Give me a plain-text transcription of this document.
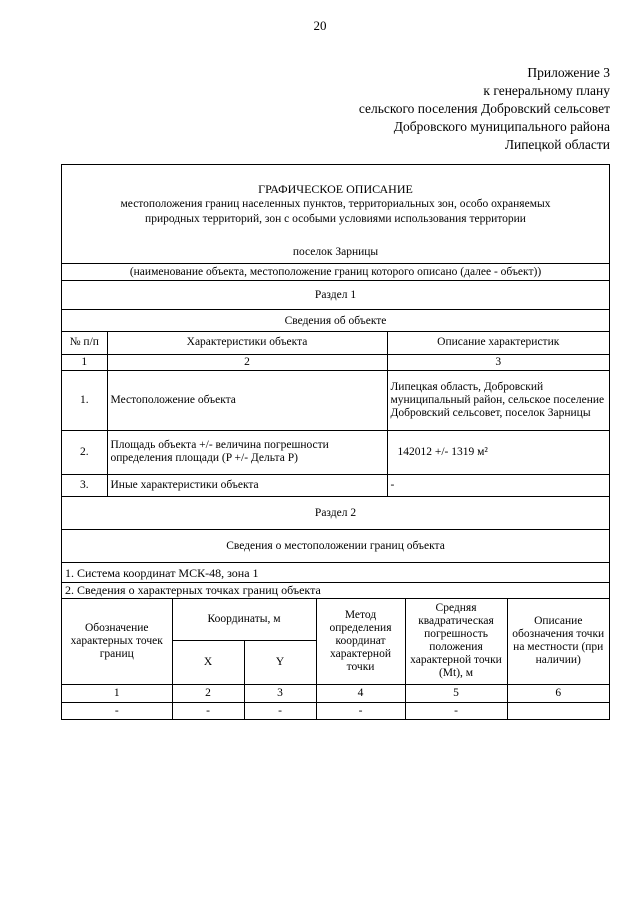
20
Приложение 3
к генеральному плану
сельского поселения Добровский сельсовет
Добровского муниципального района
Липецкой области
ГРАФИЧЕСКОЕ ОПИСАНИЕ
местоположения границ населенных пунктов, территориальных зон, особо охраняемых
природных территорий, зон с особыми условиями использования территории
поселок Зарницы
(наименование объекта, местоположение границ которого описано (далее - объект))
Раздел 1
Сведения об объекте
№ п/п	Характеристики объекта	Описание характеристик
1	2	3
1.	Местоположение объекта	Липецкая область, Добровский муниципальный район, сельское поселение Добровский сельсовет, поселок Зарницы
2.	Площадь объекта +/- величина погрешности определения площади (P +/- Дельта P)	142012 +/- 1319 м²
3.	Иные характеристики объекта	-
Раздел 2
Сведения о местоположении границ объекта
1. Система координат МСК-48, зона 1
2. Сведения о характерных точках границ объекта
Обозначение характерных точек границ	Координаты, м		Метод определения координат характерной точки	Средняя квадратическая погрешность положения характерной точки (Mt), м	Описание обозначения точки на местности (при наличии)
	X	Y			
1	2	3	4	5	6
-	-	-	-	-	
